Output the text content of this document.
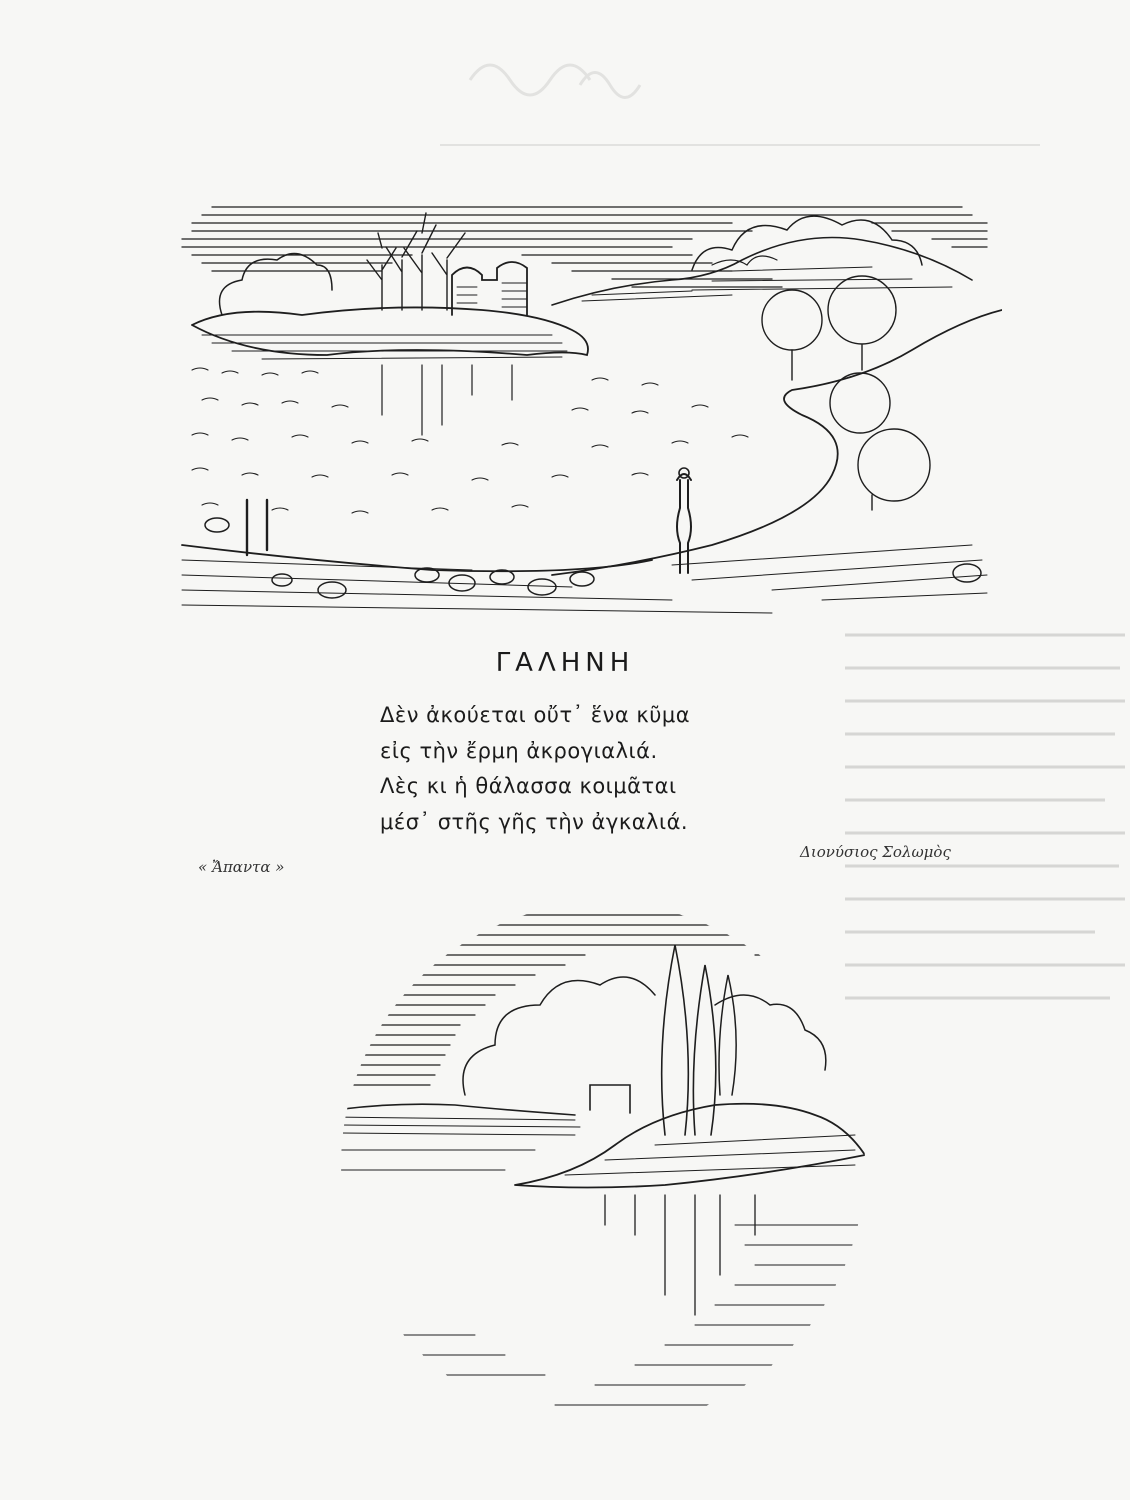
ΓΑΛΗΝΗ
Δὲν ἀκούεται οὔτ᾽ ἕνα κῦμα
εἰς τὴν ἔρμη ἀκρογιαλιά.
Λὲς κι ἡ θάλασσα κοιμᾶται
μέσ᾽ στῆς γῆς τὴν ἀγκαλιά.
Διονύσιος Σολωμὸς
« Ἄπαντα »
